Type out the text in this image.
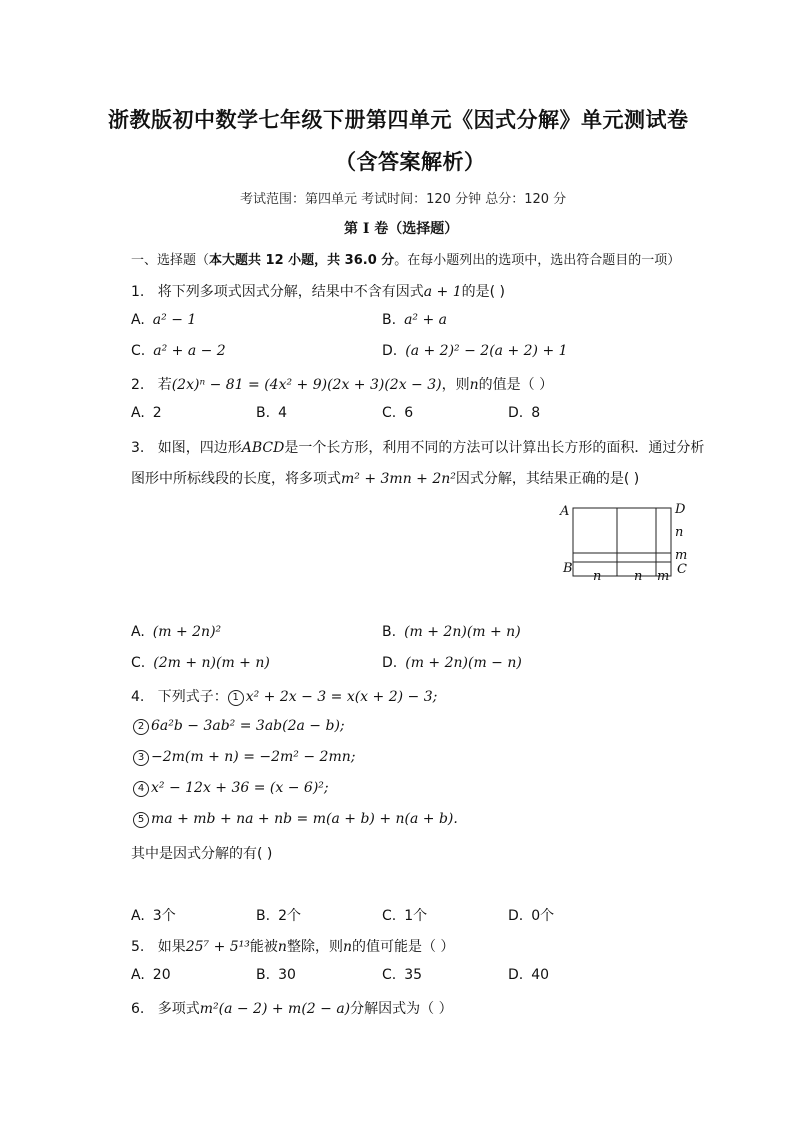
浙教版初中数学七年级下册第四单元《因式分解》单元测试卷
（含答案解析）
考试范围：第四单元 考试时间：120 分钟 总分：120 分
第 I 卷（选择题）
一、选择题（本大题共 12 小题，共 36.0 分。在每小题列出的选项中，选出符合题目的一项）
1. 将下列多项式因式分解，结果中不含有因式a + 1的是( )
A. a² − 1	B. a² + a
C. a² + a − 2	D. (a + 2)² − 2(a + 2) + 1
2. 若(2x)ⁿ − 81 = (4x² + 9)(2x + 3)(2x − 3)，则n的值是（ ）
A. 2	B. 4	C. 6	D. 8
3. 如图，四边形ABCD是一个长方形，利用不同的方法可以计算出长方形的面积．通过分析
图形中所标线段的长度，将多项式m² + 3mn + 2n²因式分解，其结果正确的是( )
A	D
n
m
B	C
n	n m
A. (m + 2n)²	B. (m + 2n)(m + n)
C. (2m + n)(m + n)	D. (m + 2n)(m − n)
4. 下列式子： 1 x² + 2x − 3 = x(x + 2) − 3;
2 6a²b − 3ab² = 3ab(2a − b);
3 −2m(m + n) = −2m² − 2mn;
4 x² − 12x + 36 = (x − 6)²;
5 ma + mb + na + nb = m(a + b) + n(a + b).
其中是因式分解的有( )
A. 3个	B. 2个	C. 1个	D. 0个
5. 如果25⁷ + 5¹³能被n整除，则n的值可能是（ ）
A. 20	B. 30	C. 35	D. 40
6. 多项式m²(a − 2) + m(2 − a)分解因式为（ ）
